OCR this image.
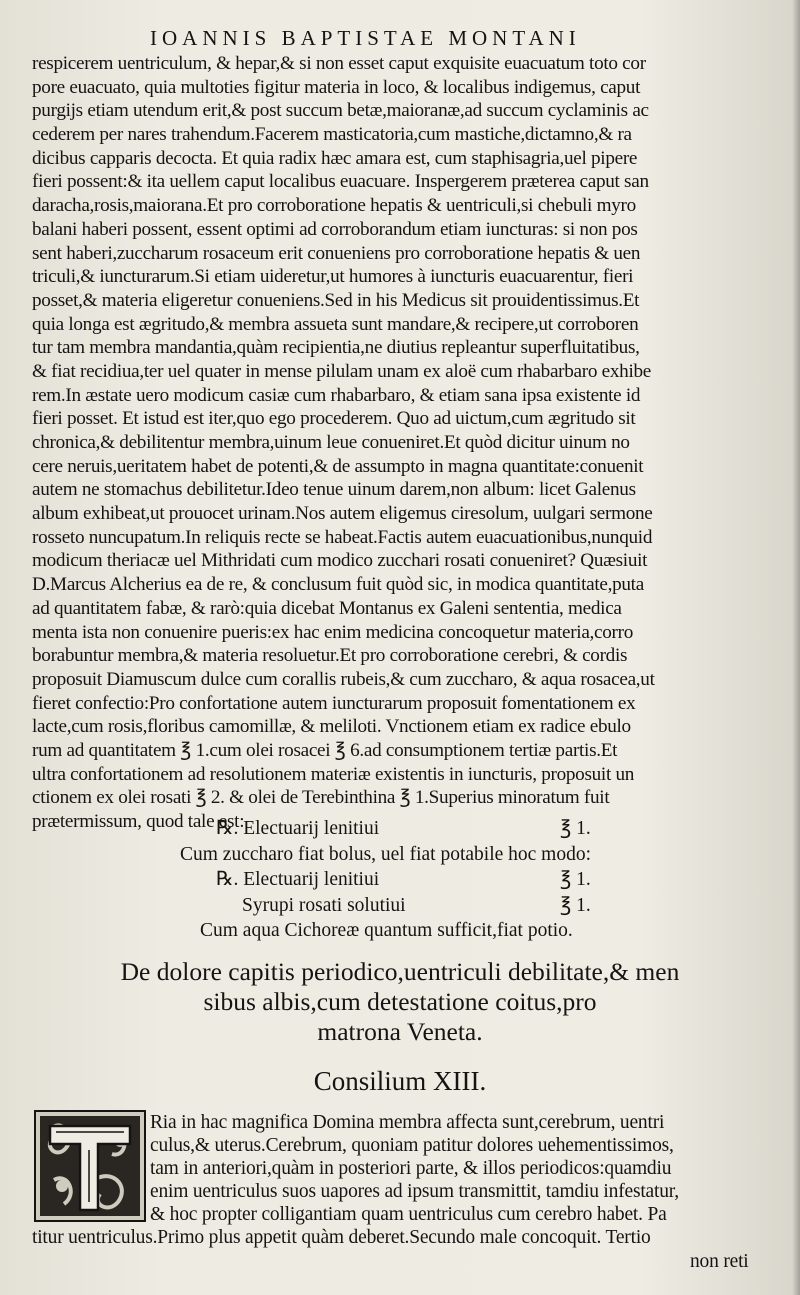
IOANNIS BAPTISTAE MONTANI
respicerem uentriculum, & hepar,& si non esset caput exquisite euacuatum toto cor
pore euacuato, quia multoties figitur materia in loco, & localibus indigemus, caput
purgijs etiam utendum erit,& post succum betæ,maioranæ,ad succum cyclaminis ac
cederem per nares trahendum.Facerem masticatoria,cum mastiche,dictamno,& ra
dicibus capparis decocta. Et quia radix hæc amara est, cum staphisagria,uel pipere
fieri possent:& ita uellem caput localibus euacuare. Inspergerem præterea caput san
daracha,rosis,maiorana.Et pro corroboratione hepatis & uentriculi,si chebuli myro
balani haberi possent, essent optimi ad corroborandum etiam iuncturas: si non pos
sent haberi,zuccharum rosaceum erit conueniens pro corroboratione hepatis & uen
triculi,& iuncturarum.Si etiam uideretur,ut humores à iuncturis euacuarentur, fieri
posset,& materia eligeretur conueniens.Sed in his Medicus sit prouidentissimus.Et
quia longa est ægritudo,& membra assueta sunt mandare,& recipere,ut corroboren
tur tam membra mandantia,quàm recipientia,ne diutius repleantur superfluitatibus,
& fiat recidiua,ter uel quater in mense pilulam unam ex aloë cum rhabarbaro exhibe
rem.In æstate uero modicum casiæ cum rhabarbaro, & etiam sana ipsa existente id
fieri posset. Et istud est iter,quo ego procederem. Quo ad uictum,cum ægritudo sit
chronica,& debilitentur membra,uinum leue conueniret.Et quòd dicitur uinum no
cere neruis,ueritatem habet de potenti,& de assumpto in magna quantitate:conuenit
autem ne stomachus debilitetur.Ideo tenue uinum darem,non album: licet Galenus
album exhibeat,ut prouocet urinam.Nos autem eligemus ciresolum, uulgari sermone
rosseto nuncupatum.In reliquis recte se habeat.Factis autem euacuationibus,nunquid
modicum theriacæ uel Mithridati cum modico zucchari rosati conueniret? Quæsiuit
D.Marcus Alcherius ea de re, & conclusum fuit quòd sic, in modica quantitate,puta
ad quantitatem fabæ, & rarò:quia dicebat Montanus ex Galeni sententia, medica
menta ista non conuenire pueris:ex hac enim medicina concoquetur materia,corro
borabuntur membra,& materia resoluetur.Et pro corroboratione cerebri, & cordis
proposuit Diamuscum dulce cum corallis rubeis,& cum zuccharo, & aqua rosacea,ut
fieret confectio:Pro confortatione autem iuncturarum proposuit fomentationem ex
lacte,cum rosis,floribus camomillæ, & meliloti. Vnctionem etiam ex radice ebulo
rum ad quantitatem ℥ 1.cum olei rosacei ℥ 6.ad consumptionem tertiæ partis.Et
ultra confortationem ad resolutionem materiæ existentis in iuncturis, proposuit un
ctionem ex olei rosati ℥ 2. & olei de Terebinthina ℥ 1.Superius minoratum fuit
prætermissum, quod tale est:
℞. Electuarij lenitiui	℥ 1.
Cum zuccharo fiat bolus, uel fiat potabile hoc modo:
℞. Electuarij lenitiui	℥ 1.
Syrupi rosati solutiui	℥ 1.
Cum aqua Cichoreæ quantum sufficit,fiat potio.
De dolore capitis periodico,uentriculi debilitate,& men
sibus albis,cum detestatione coitus,pro
matrona Veneta.
Consilium XIII.
Ria in hac magnifica Domina membra affecta sunt,cerebrum, uentri
culus,& uterus.Cerebrum, quoniam patitur dolores uehementissimos,
tam in anteriori,quàm in posteriori parte, & illos periodicos:quamdiu
enim uentriculus suos uapores ad ipsum transmittit, tamdiu infestatur,
& hoc propter colligantiam quam uentriculus cum cerebro habet. Pa
titur uentriculus.Primo plus appetit quàm deberet.Secundo male concoquit. Tertio
non reti
